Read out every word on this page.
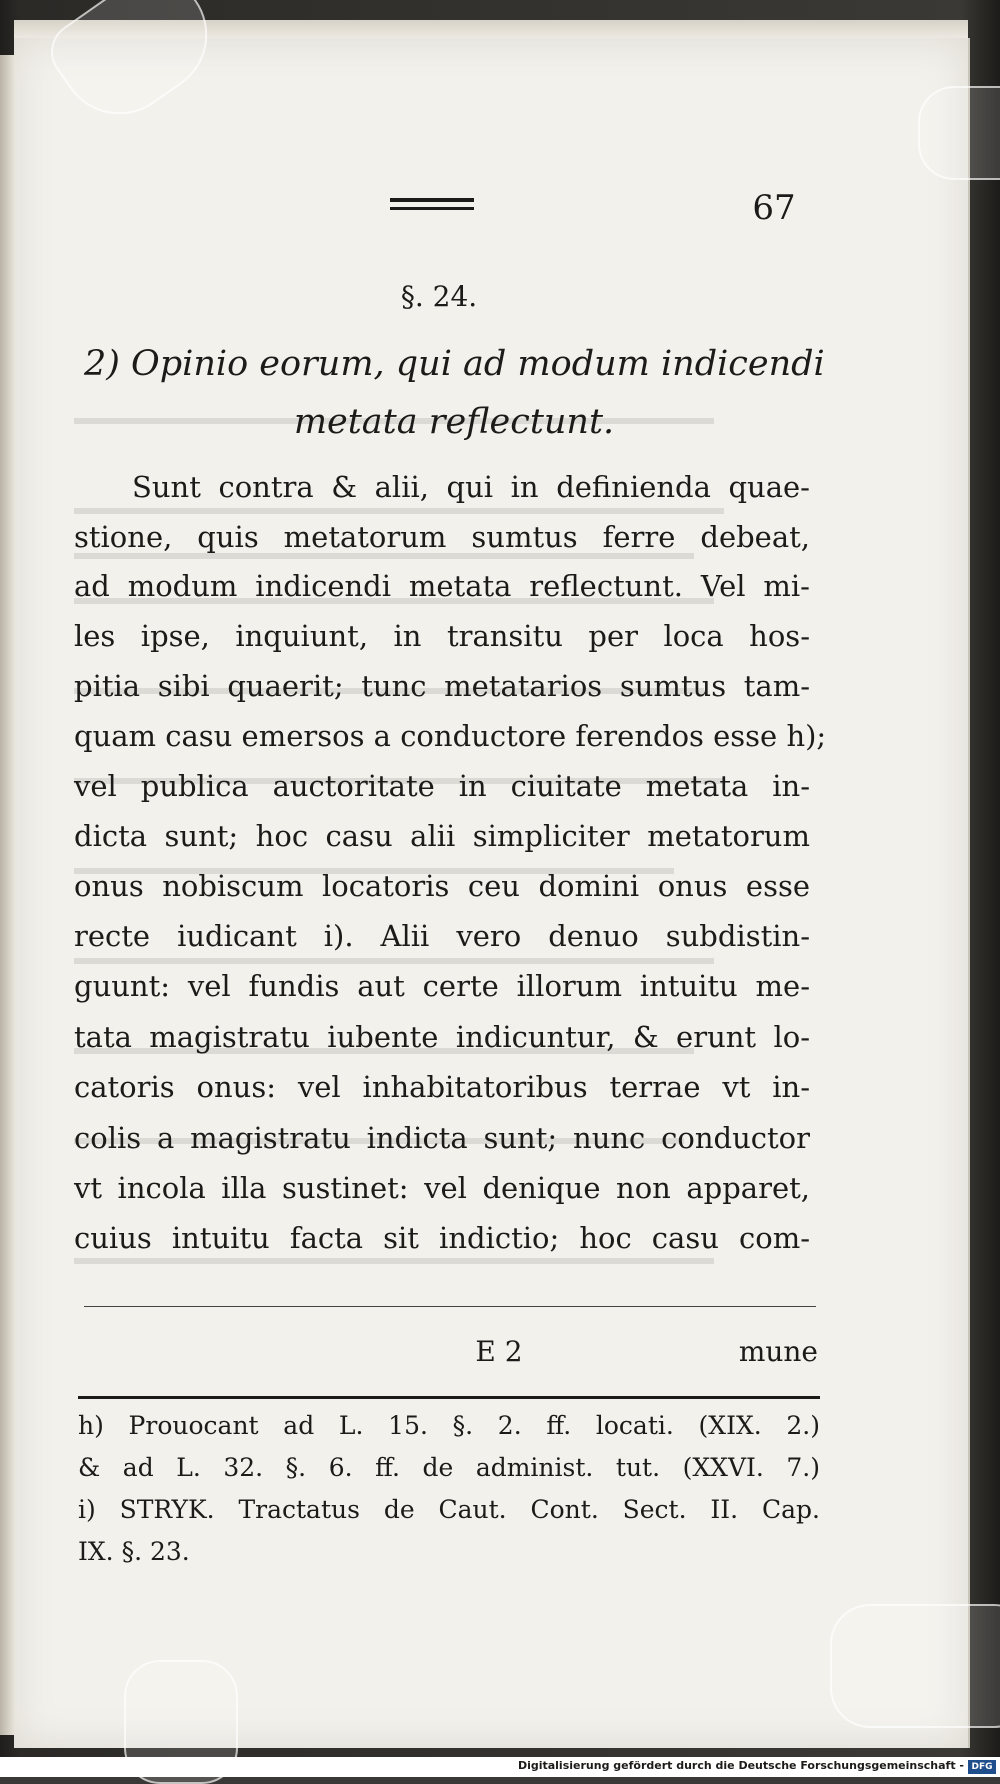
67
§. 24.
2) Opinio eorum, qui ad modum indicendi
metata reflectunt.
Sunt contra & alii, qui in definienda quae-
stione, quis metatorum sumtus ferre debeat,
ad modum indicendi metata reflectunt. Vel mi-
les ipse, inquiunt, in transitu per loca hos-
pitia sibi quaerit; tunc metatarios sumtus tam-
quam casu emersos a conductore ferendos esse h);
vel publica auctoritate in ciuitate metata in-
dicta sunt; hoc casu alii simpliciter metatorum
onus nobiscum locatoris ceu domini onus esse
recte iudicant i). Alii vero denuo subdistin-
guunt: vel fundis aut certe illorum intuitu me-
tata magistratu iubente indicuntur, & erunt lo-
catoris onus: vel inhabitatoribus terrae vt in-
colis a magistratu indicta sunt; nunc conductor
vt incola illa sustinet: vel denique non apparet,
cuius intuitu facta sit indictio; hoc casu com-
E 2	mune
h) Prouocant ad L. 15. §. 2. ff. locati. (XIX. 2.)
& ad L. 32. §. 6. ff. de administ. tut. (XXVI. 7.)
i) STRYK. Tractatus de Caut. Cont. Sect. II. Cap.
IX. §. 23.
Digitalisierung gefördert durch die Deutsche Forschungsgemeinschaft - DFG
